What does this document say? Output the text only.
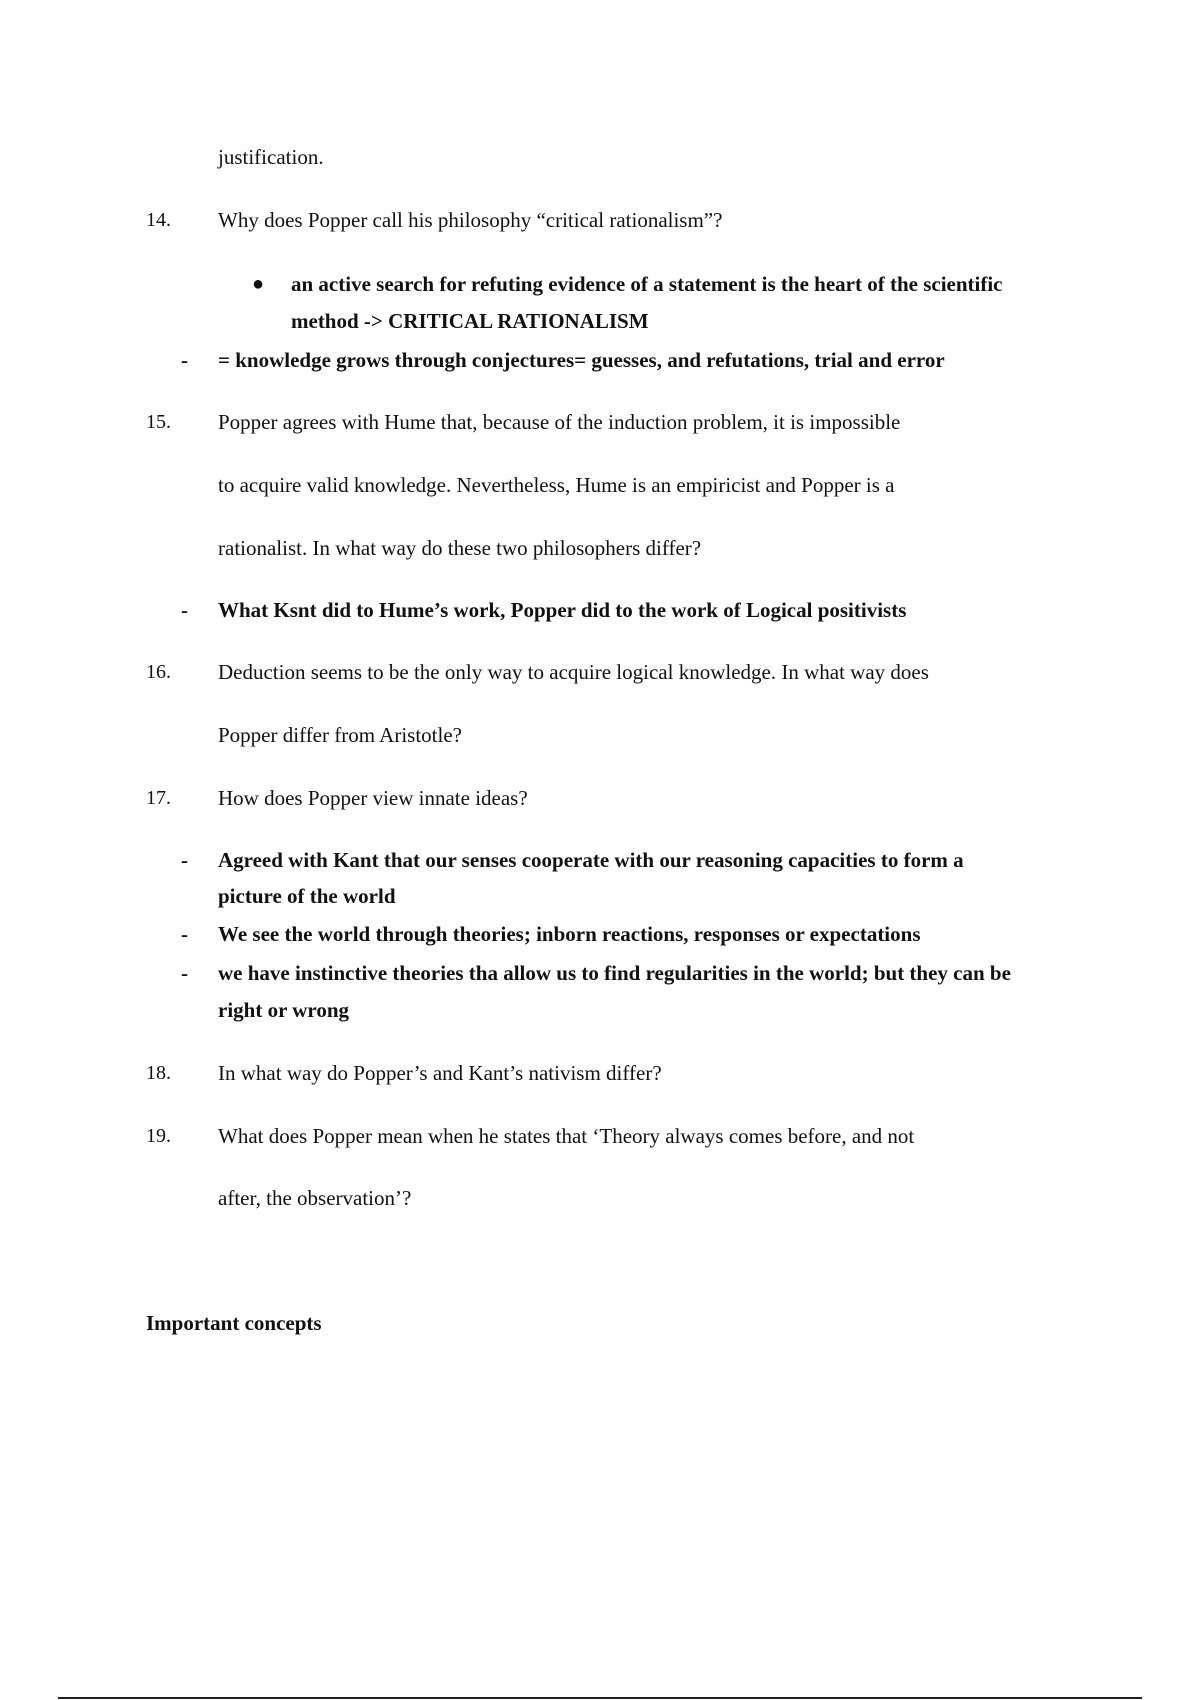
justification.
14. Why does Popper call his philosophy “critical rationalism”?
● an active search for refuting evidence of a statement is the heart of the scientific
method -> CRITICAL RATIONALISM
- = knowledge grows through conjectures= guesses, and refutations, trial and error
15. Popper agrees with Hume that, because of the induction problem, it is impossible
to acquire valid knowledge. Nevertheless, Hume is an empiricist and Popper is a
rationalist. In what way do these two philosophers differ?
- What Ksnt did to Hume’s work, Popper did to the work of Logical positivists
16. Deduction seems to be the only way to acquire logical knowledge. In what way does
Popper differ from Aristotle?
17. How does Popper view innate ideas?
- Agreed with Kant that our senses cooperate with our reasoning capacities to form a
picture of the world
- We see the world through theories; inborn reactions, responses or expectations
- we have instinctive theories tha allow us to find regularities in the world; but they can be
right or wrong
18. In what way do Popper’s and Kant’s nativism differ?
19. What does Popper mean when he states that ‘Theory always comes before, and not
after, the observation’?
Important concepts
